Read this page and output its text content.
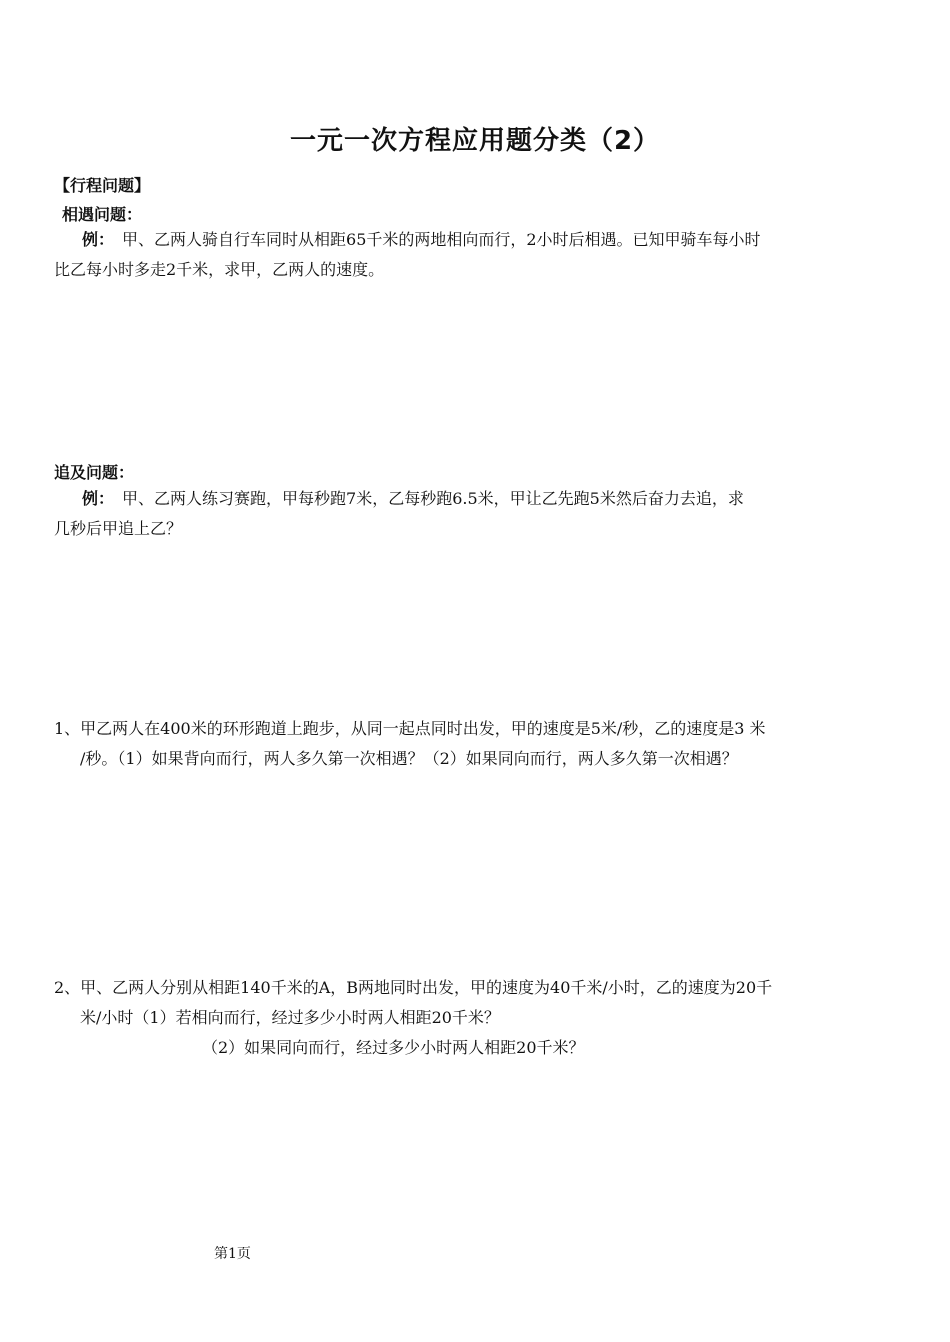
一元一次方程应用题分类（2）
【行程问题】
相遇问题：
例： 甲、乙两人骑自行车同时从相距65千米的两地相向而行，2小时后相遇。已知甲骑车每小时
比乙每小时多走2千米，求甲，乙两人的速度。
追及问题：
例： 甲、乙两人练习赛跑，甲每秒跑7米，乙每秒跑6.5米，甲让乙先跑5米然后奋力去追，求
几秒后甲追上乙？
1、甲乙两人在400米的环形跑道上跑步，从同一起点同时出发，甲的速度是5米/秒，乙的速度是3 米
/秒。（1）如果背向而行，两人多久第一次相遇？（2）如果同向而行，两人多久第一次相遇？
2、甲、乙两人分别从相距140千米的A，B两地同时出发，甲的速度为40千米/小时，乙的速度为20千
米/小时（1）若相向而行，经过多少小时两人相距20千米？
（2）如果同向而行，经过多少小时两人相距20千米？
第1页
